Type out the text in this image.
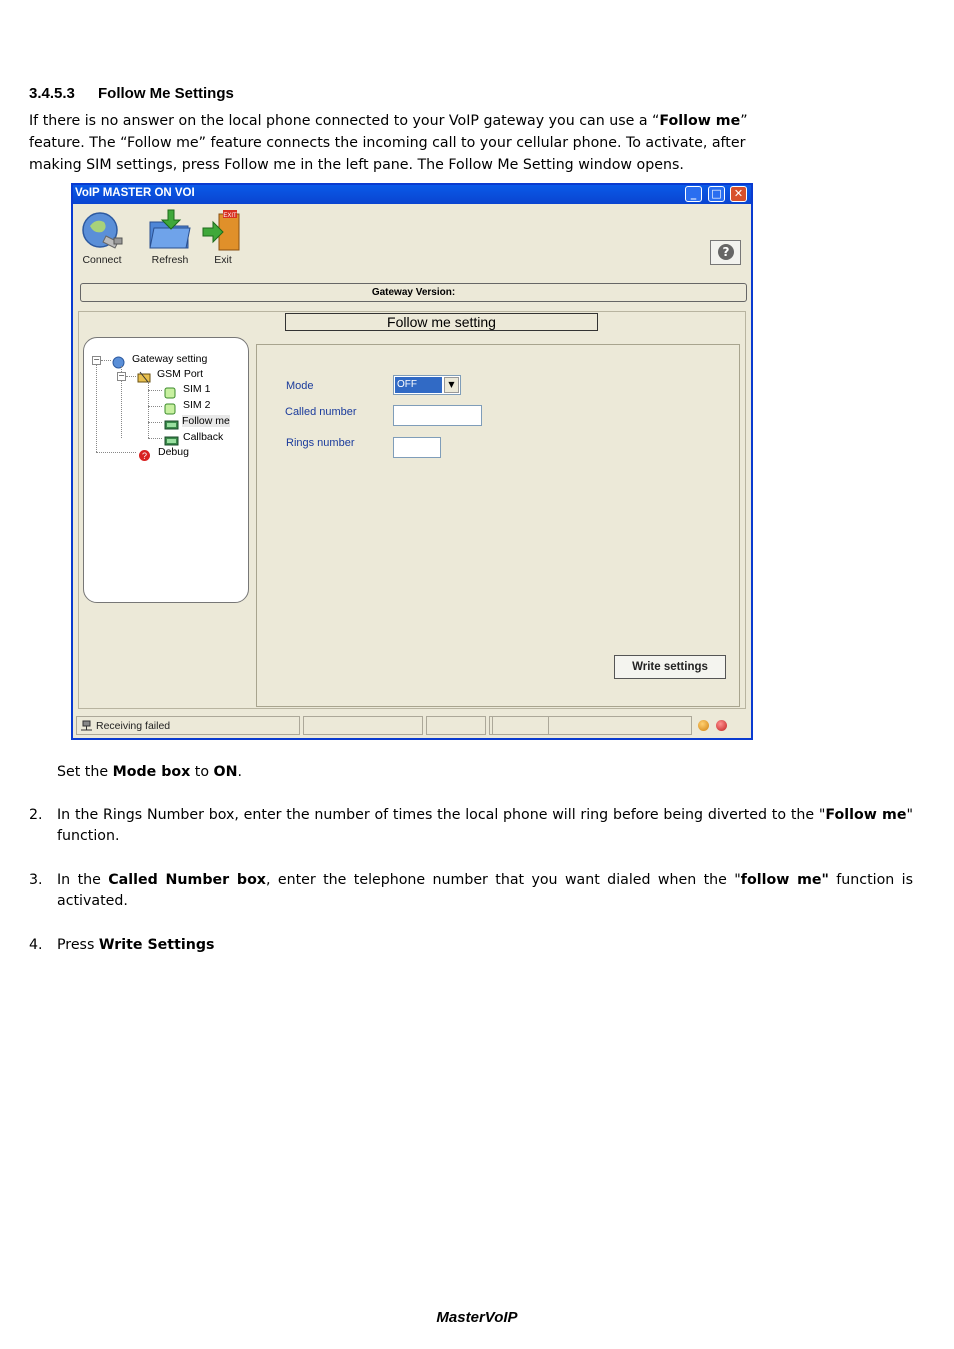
3.4.5.3 Follow Me Settings

If there is no answer on the local phone connected to your VoIP gateway you can use a “Follow me”

feature. The “Follow me” feature connects the incoming call to your cellular phone. To activate, after

making SIM settings, press Follow me in the left pane. The Follow Me Setting window opens.

VoIP MASTER ON VOI	_	□	✕
Connect	Refresh
EXIT
Exit
?
Gateway Version:
Follow me setting
−	Gateway setting
−	GSM Port
SIM 1
SIM 2
Follow me
Callback
? Debug
Mode	OFF	▼
Called number
Rings number
Write settings
Receiving failed
Set the Mode box to ON.
2. In the Rings Number box, enter the number of times the local phone will ring before being diverted to the "Follow me" function.
3. In the Called Number box, enter the telephone number that you want dialed when the "follow me" function is activated.
4. Press Write Settings
MasterVoIP
